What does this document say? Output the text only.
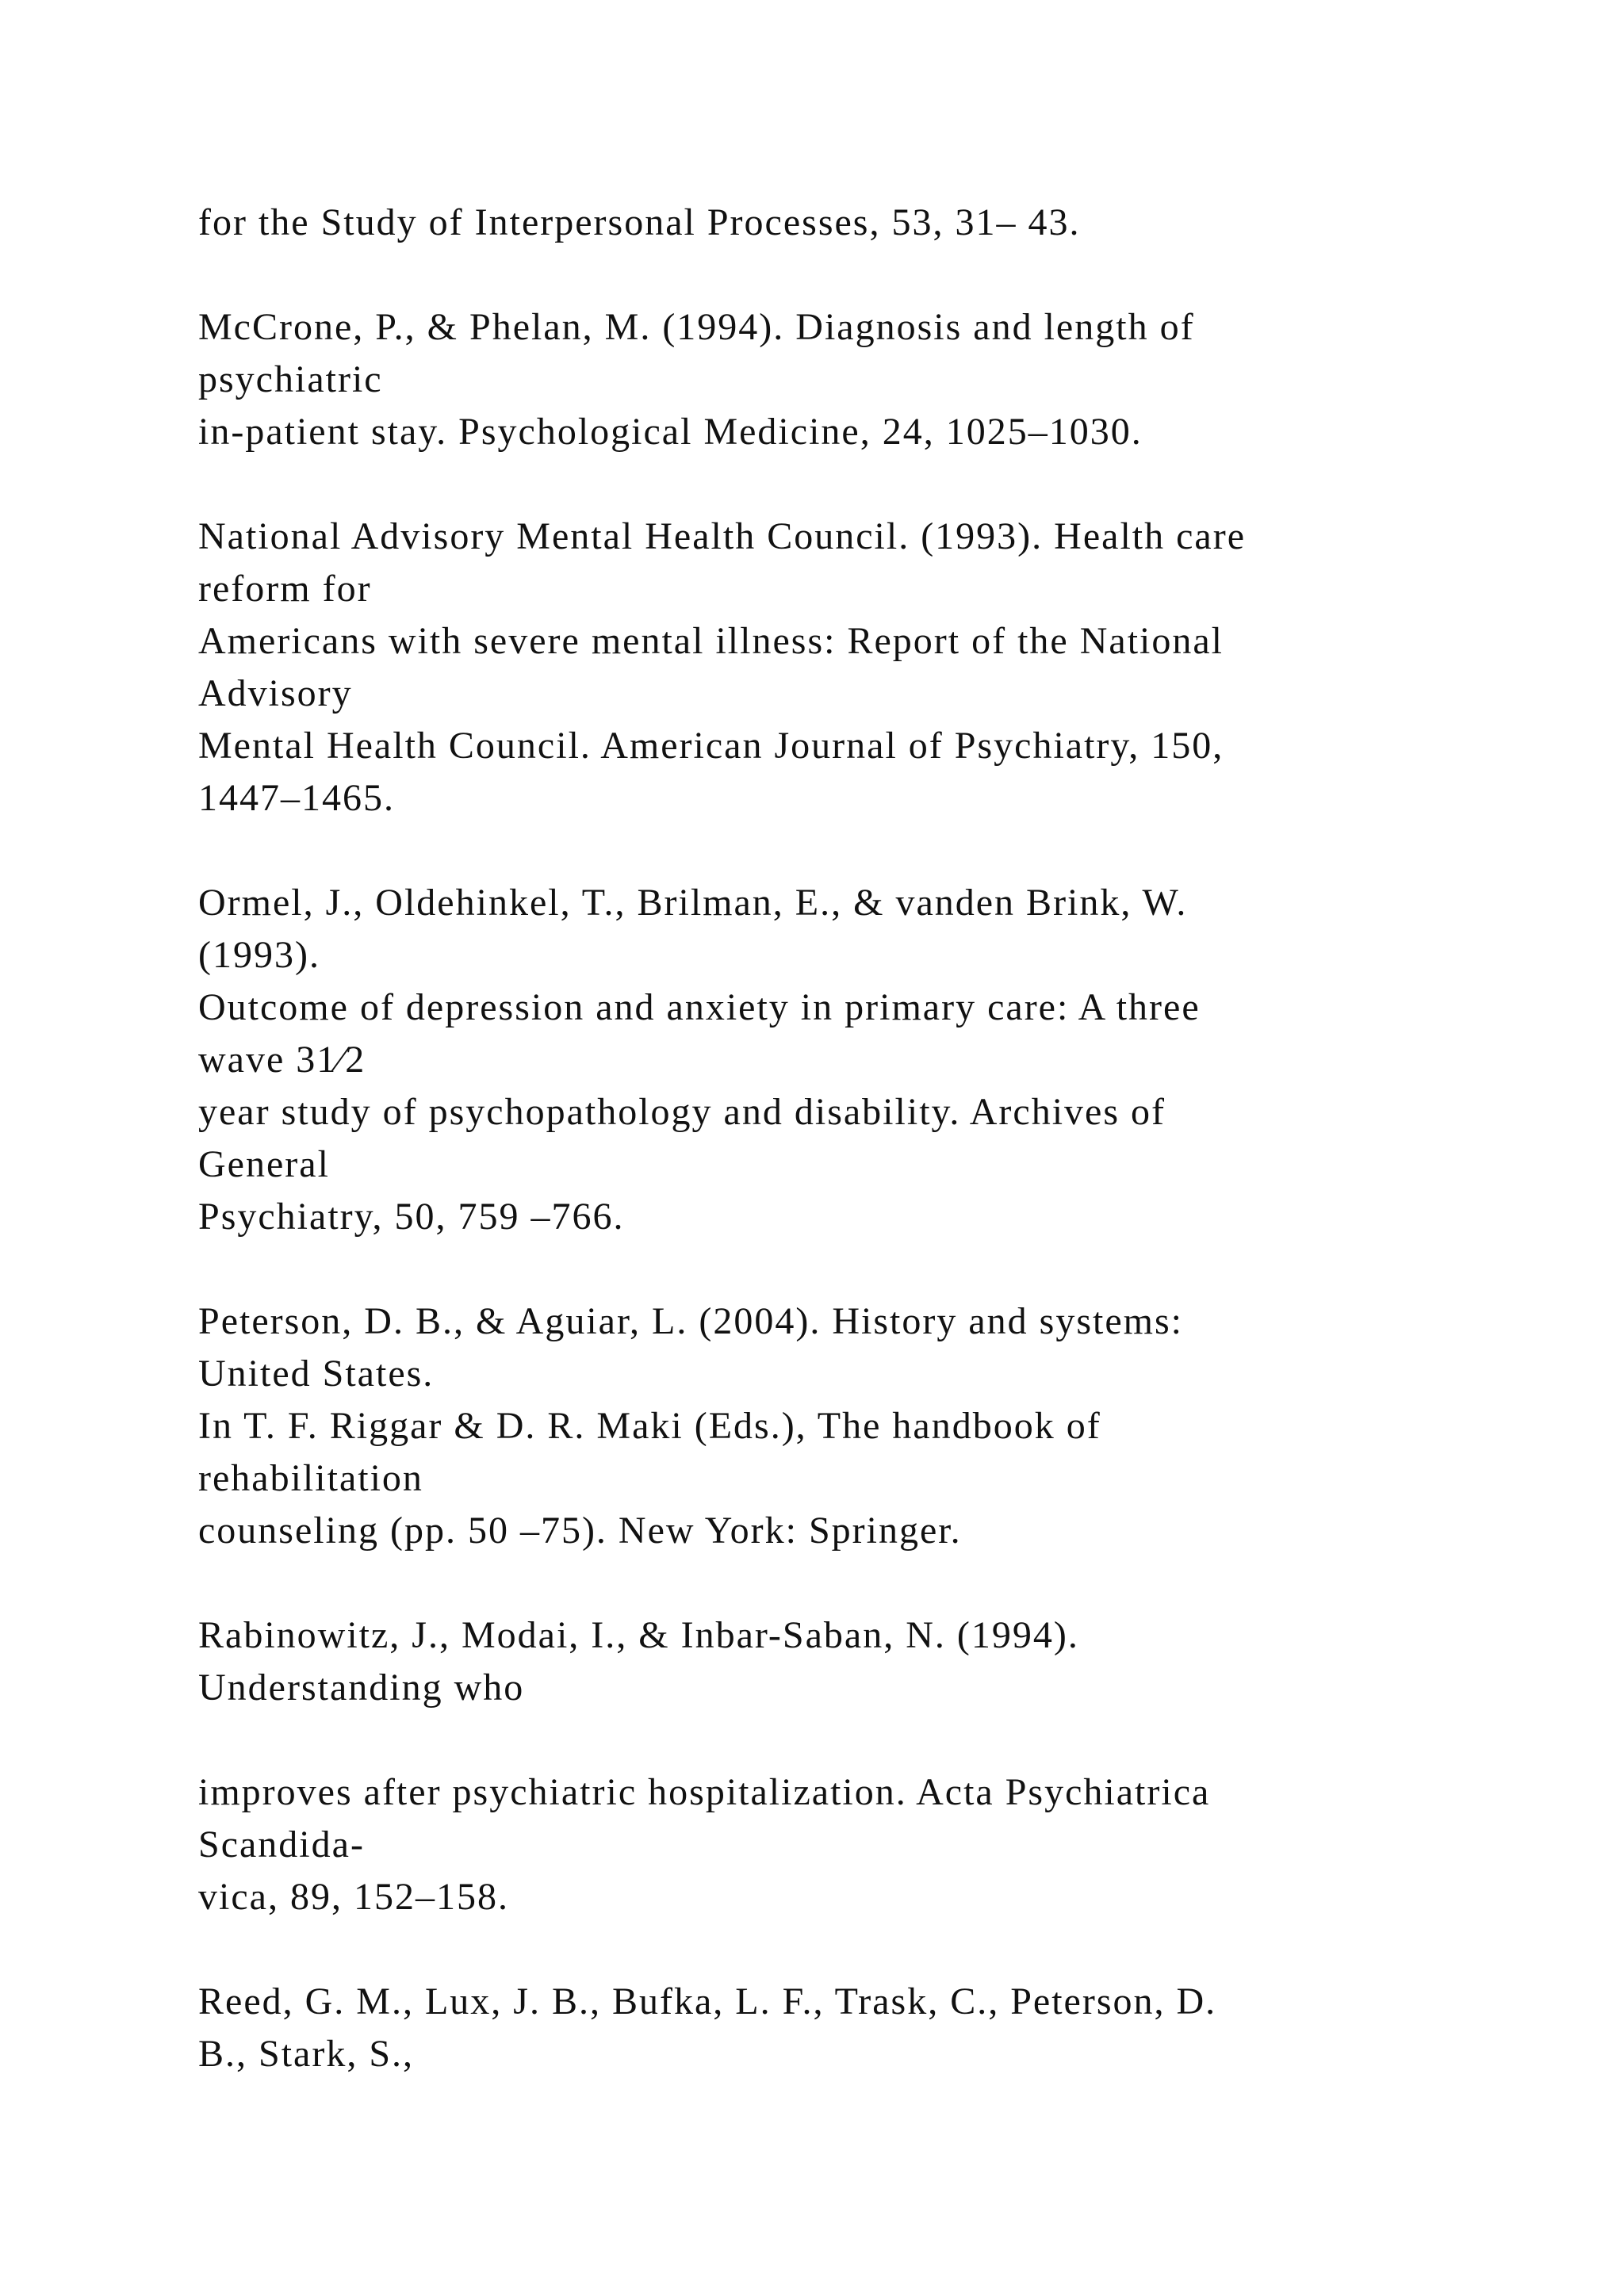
for the Study of Interpersonal Processes, 53, 31– 43.
McCrone, P., & Phelan, M. (1994). Diagnosis and length of
psychiatric
in-patient stay. Psychological Medicine, 24, 1025–1030.
National Advisory Mental Health Council. (1993). Health care
reform for
Americans with severe mental illness: Report of the National
Advisory
Mental Health Council. American Journal of Psychiatry, 150,
1447–1465.
Ormel, J., Oldehinkel, T., Brilman, E., & vanden Brink, W.
(1993).
Outcome of depression and anxiety in primary care: A three
wave 31⁄2
year study of psychopathology and disability. Archives of
General
Psychiatry, 50, 759 –766.
Peterson, D. B., & Aguiar, L. (2004). History and systems:
United States.
In T. F. Riggar & D. R. Maki (Eds.), The handbook of
rehabilitation
counseling (pp. 50 –75). New York: Springer.
Rabinowitz, J., Modai, I., & Inbar-Saban, N. (1994).
Understanding who
improves after psychiatric hospitalization. Acta Psychiatrica
Scandida-
vica, 89, 152–158.
Reed, G. M., Lux, J. B., Bufka, L. F., Trask, C., Peterson, D.
B., Stark, S.,
